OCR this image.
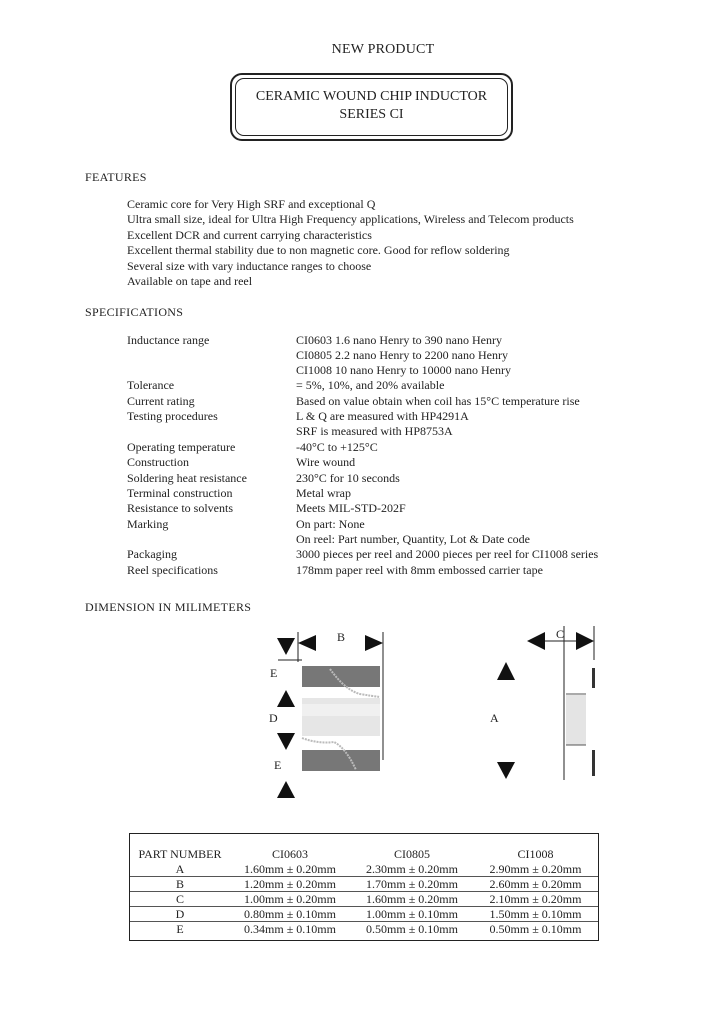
NEW PRODUCT
CERAMIC WOUND CHIP INDUCTOR
SERIES CI
FEATURES
Ceramic core for Very High SRF and exceptional Q
Ultra small size, ideal for Ultra High Frequency applications, Wireless and Telecom products
Excellent DCR and current carrying characteristics
Excellent thermal stability due to non magnetic core. Good for reflow soldering
Several size with vary inductance ranges to choose
Available on tape and reel
SPECIFICATIONS
Inductance range	CI0603 1.6 nano Henry to 390 nano Henry
CI0805 2.2 nano Henry to 2200 nano Henry
CI1008 10 nano Henry to 10000 nano Henry
Tolerance	= 5%, 10%, and 20% available
Current rating	Based on value obtain when coil has 15°C temperature rise
Testing procedures	L & Q are measured with HP4291A
SRF is measured with HP8753A
Operating temperature	-40°C to +125°C
Construction	Wire wound
Soldering heat resistance	230°C for 10 seconds
Terminal construction	Metal wrap
Resistance to solvents	Meets MIL-STD-202F
Marking	On part: None
On reel: Part number, Quantity, Lot & Date code
Packaging	3000 pieces per reel and 2000 pieces per reel for CI1008 series
Reel specifications	178mm paper reel with 8mm embossed carrier tape
DIMENSION IN MILIMETERS
B	C
E
D	A
E
PART NUMBER	CI0603	CI0805	CI1008
A	1.60mm ± 0.20mm	2.30mm ± 0.20mm	2.90mm ± 0.20mm
B	1.20mm ± 0.20mm	1.70mm ± 0.20mm	2.60mm ± 0.20mm
C	1.00mm ± 0.20mm	1.60mm ± 0.20mm	2.10mm ± 0.20mm
D	0.80mm ± 0.10mm	1.00mm ± 0.10mm	1.50mm ± 0.10mm
E	0.34mm ± 0.10mm	0.50mm ± 0.10mm	0.50mm ± 0.10mm
